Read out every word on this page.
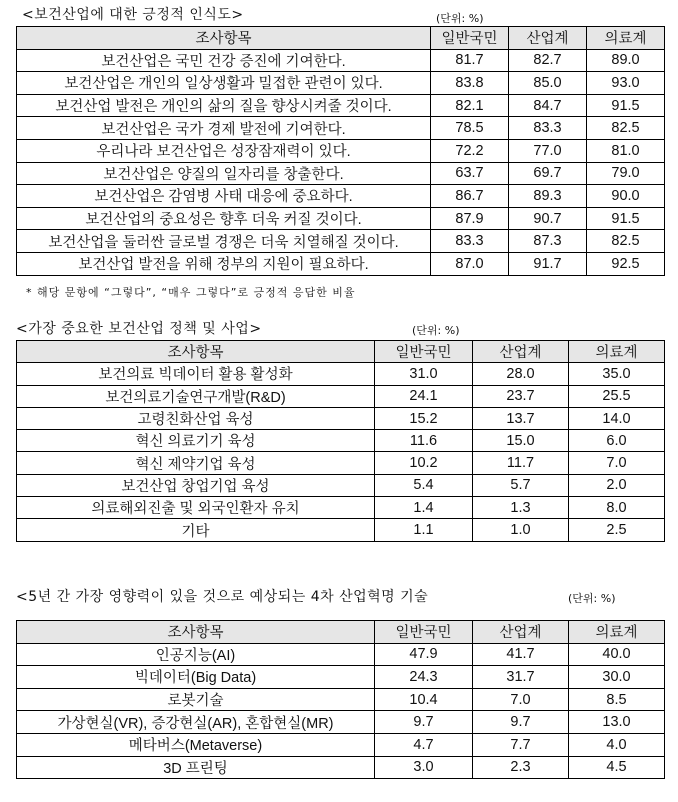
<보건산업에 대한 긍정적 인식도>	(단위: %)
조사항목	일반국민	산업계	의료계
보건산업은 국민 건강 증진에 기여한다.	81.7	82.7	89.0
보건산업은 개인의 일상생활과 밀접한 관련이 있다.	83.8	85.0	93.0
보건산업 발전은 개인의 삶의 질을 향상시켜줄 것이다.	82.1	84.7	91.5
보건산업은 국가 경제 발전에 기여한다.	78.5	83.3	82.5
우리나라 보건산업은 성장잠재력이 있다.	72.2	77.0	81.0
보건산업은 양질의 일자리를 창출한다.	63.7	69.7	79.0
보건산업은 감염병 사태 대응에 중요하다.	86.7	89.3	90.0
보건산업의 중요성은 향후 더욱 커질 것이다.	87.9	90.7	91.5
보건산업을 둘러싼 글로벌 경쟁은 더욱 치열해질 것이다.	83.3	87.3	82.5
보건산업 발전을 위해 정부의 지원이 필요하다.	87.0	91.7	92.5
* 해당 문항에 “그렇다”, “매우 그렇다”로 긍정적 응답한 비율
<가장 중요한 보건산업 정책 및 사업>	(단위: %)
조사항목	일반국민	산업계	의료계
보건의료 빅데이터 활용 활성화	31.0	28.0	35.0
보건의료기술연구개발(R&D)	24.1	23.7	25.5
고령친화산업 육성	15.2	13.7	14.0
혁신 의료기기 육성	11.6	15.0	6.0
혁신 제약기업 육성	10.2	11.7	7.0
보건산업 창업기업 육성	5.4	5.7	2.0
의료해외진출 및 외국인환자 유치	1.4	1.3	8.0
기타	1.1	1.0	2.5
<5년 간 가장 영향력이 있을 것으로 예상되는 4차 산업혁명 기술	(단위: %)
조사항목	일반국민	산업계	의료계
인공지능(AI)	47.9	41.7	40.0
빅데이터(Big Data)	24.3	31.7	30.0
로봇기술	10.4	7.0	8.5
가상현실(VR), 증강현실(AR), 혼합현실(MR)	9.7	9.7	13.0
메타버스(Metaverse)	4.7	7.7	4.0
3D 프린팅	3.0	2.3	4.5
